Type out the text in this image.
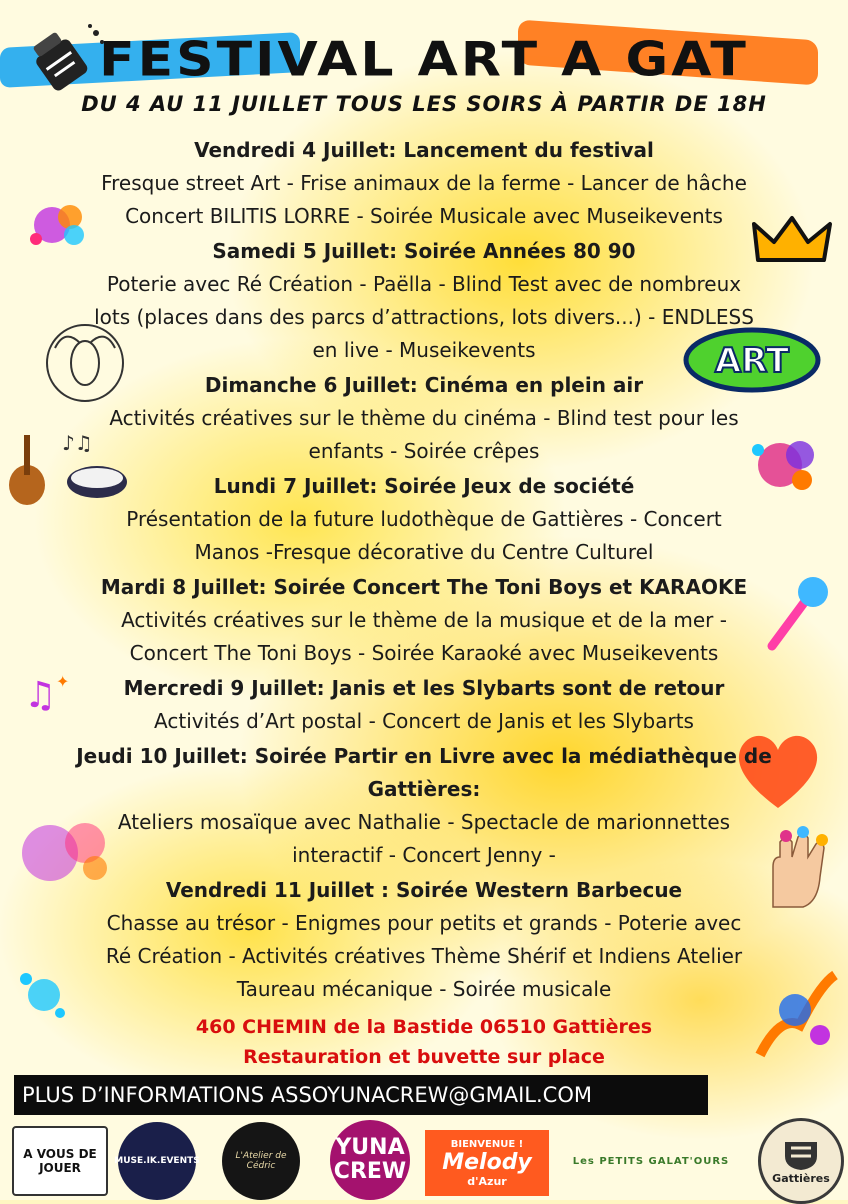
FESTIVAL ART A GAT
DU 4 AU 11 JUILLET TOUS LES SOIRS À PARTIR DE 18H
ART
♪♫
♫ ✦
Vendredi 4 Juillet: Lancement du festival
Fresque street Art - Frise animaux de la ferme - Lancer de hâche
Concert BILITIS LORRE - Soirée Musicale avec Museikevents
Samedi 5 Juillet: Soirée Années 80 90
Poterie avec Ré Création - Paëlla - Blind Test avec de nombreux
lots (places dans des parcs d’attractions, lots divers...) - ENDLESS
en live - Museikevents
Dimanche 6 Juillet: Cinéma en plein air
Activités créatives sur le thème du cinéma - Blind test pour les
enfants - Soirée crêpes
Lundi 7 Juillet: Soirée Jeux de société
Présentation de la future ludothèque de Gattières - Concert
Manos -Fresque décorative du Centre Culturel
Mardi 8 Juillet: Soirée Concert The Toni Boys et KARAOKE
Activités créatives sur le thème de la musique et de la mer -
Concert The Toni Boys - Soirée Karaoké avec Museikevents
Mercredi 9 Juillet: Janis et les Slybarts sont de retour
Activités d’Art postal - Concert de Janis et les Slybarts
Jeudi 10 Juillet: Soirée Partir en Livre avec la médiathèque de Gattières:
Ateliers mosaïque avec Nathalie - Spectacle de marionnettes
interactif - Concert Jenny -
Vendredi 11 Juillet : Soirée Western Barbecue
Chasse au trésor - Enigmes pour petits et grands - Poterie avec
Ré Création - Activités créatives Thème Shérif et Indiens Atelier
Taureau mécanique - Soirée musicale
460 CHEMIN de la Bastide 06510 Gattières
Restauration et buvette sur place
PLUS D’INFORMATIONS ASSOYUNACREW@GMAIL.COM
A VOUS DE JOUER	MUSE.IK.EVENTS	L'Atelier de Cédric
YUNA
CREW
BIENVENUE !
Melody
d'Azur
Les PETITS GALAT'OURS
Gattières
